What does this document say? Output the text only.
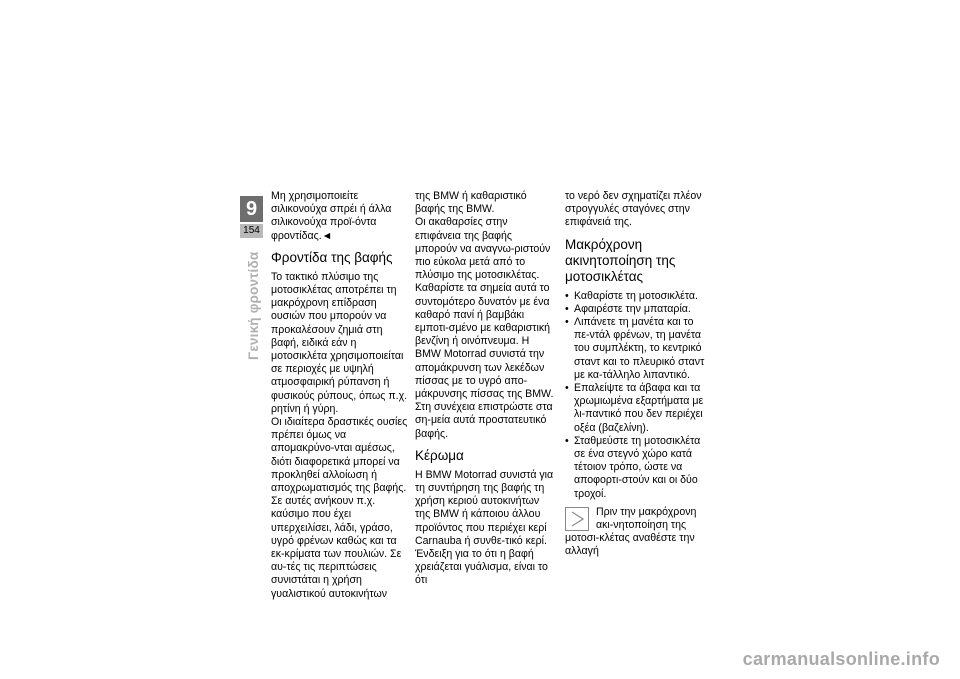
9
154
Γενική φροντίδα

Μη χρησιμοποιείτε σιλικονούχα σπρέι ή άλλα σιλικονούχα προϊ-όντα φροντίδας.◄

Φροντίδα της βαφής

Το τακτικό πλύσιμο της μοτοσικλέτας αποτρέπει τη μακρόχρονη επίδραση ουσιών που μπορούν να προκαλέσουν ζημιά στη βαφή, ειδικά εάν η μοτοσικλέτα χρησιμοποιείται σε περιοχές με υψηλή ατμοσφαιρική ρύπανση ή φυσικούς ρύπους, όπως π.χ. ρητίνη ή γύρη.

Οι ιδιαίτερα δραστικές ουσίες πρέπει όμως να απομακρύνο-νται αμέσως, διότι διαφορετικά μπορεί να προκληθεί αλλοίωση ή αποχρωματισμός της βαφής. Σε αυτές ανήκουν π.χ. καύσιμο που έχει υπερχειλίσει, λάδι, γράσο, υγρό φρένων καθώς και τα εκ-κρίματα των πουλιών. Σε αυ-τές τις περιπτώσεις συνιστάται η χρήση γυαλιστικού αυτοκινήτων

της BMW ή καθαριστικό βαφής της BMW.

Οι ακαθαρσίες στην επιφάνεια της βαφής μπορούν να αναγνω-ριστούν πιο εύκολα μετά από το πλύσιμο της μοτοσικλέτας. Καθαρίστε τα σημεία αυτά το συντομότερο δυνατόν με ένα καθαρό πανί ή βαμβάκι εμποτι-σμένο με καθαριστική βενζίνη ή οινόπνευμα. Η BMW Motorrad συνιστά την απομάκρυνση των λεκέδων πίσσας με το υγρό απο-μάκρυνσης πίσσας της BMW.

Στη συνέχεια επιστρώστε στα ση-μεία αυτά προστατευτικό βαφής.

Κέρωμα

Η BMW Motorrad συνιστά για τη συντήρηση της βαφής τη χρήση κεριού αυτοκινήτων της BMW ή κάποιου άλλου προϊόντος που περιέχει κερί Carnauba ή συνθε-τικό κερί.

Ένδειξη για το ότι η βαφή χρειάζεται γυάλισμα, είναι το ότι

το νερό δεν σχηματίζει πλέον στρογγυλές σταγόνες στην επιφάνειά της.

Μακρόχρονη ακινητοποίηση της μοτοσικλέτας
• Καθαρίστε τη μοτοσικλέτα.
• Αφαιρέστε την μπαταρία.
• Λιπάνετε τη μανέτα και το πε-ντάλ φρένων, τη μανέτα του συμπλέκτη, το κεντρικό σταντ και το πλευρικό σταντ με κα-τάλληλο λιπαντικό.
• Επαλείψτε τα άβαφα και τα χρωμιωμένα εξαρτήματα με λι-παντικό που δεν περιέχει οξέα (βαζελίνη).
• Σταθμεύστε τη μοτοσικλέτα σε ένα στεγνό χώρο κατά τέτοιον τρόπο, ώστε να αποφορτι-στούν και οι δύο τροχοί.
Πριν την μακρόχρονη ακι-νητοποίηση της μοτοσι-κλέτας αναθέστε την αλλαγή
carmanualsonline.info
